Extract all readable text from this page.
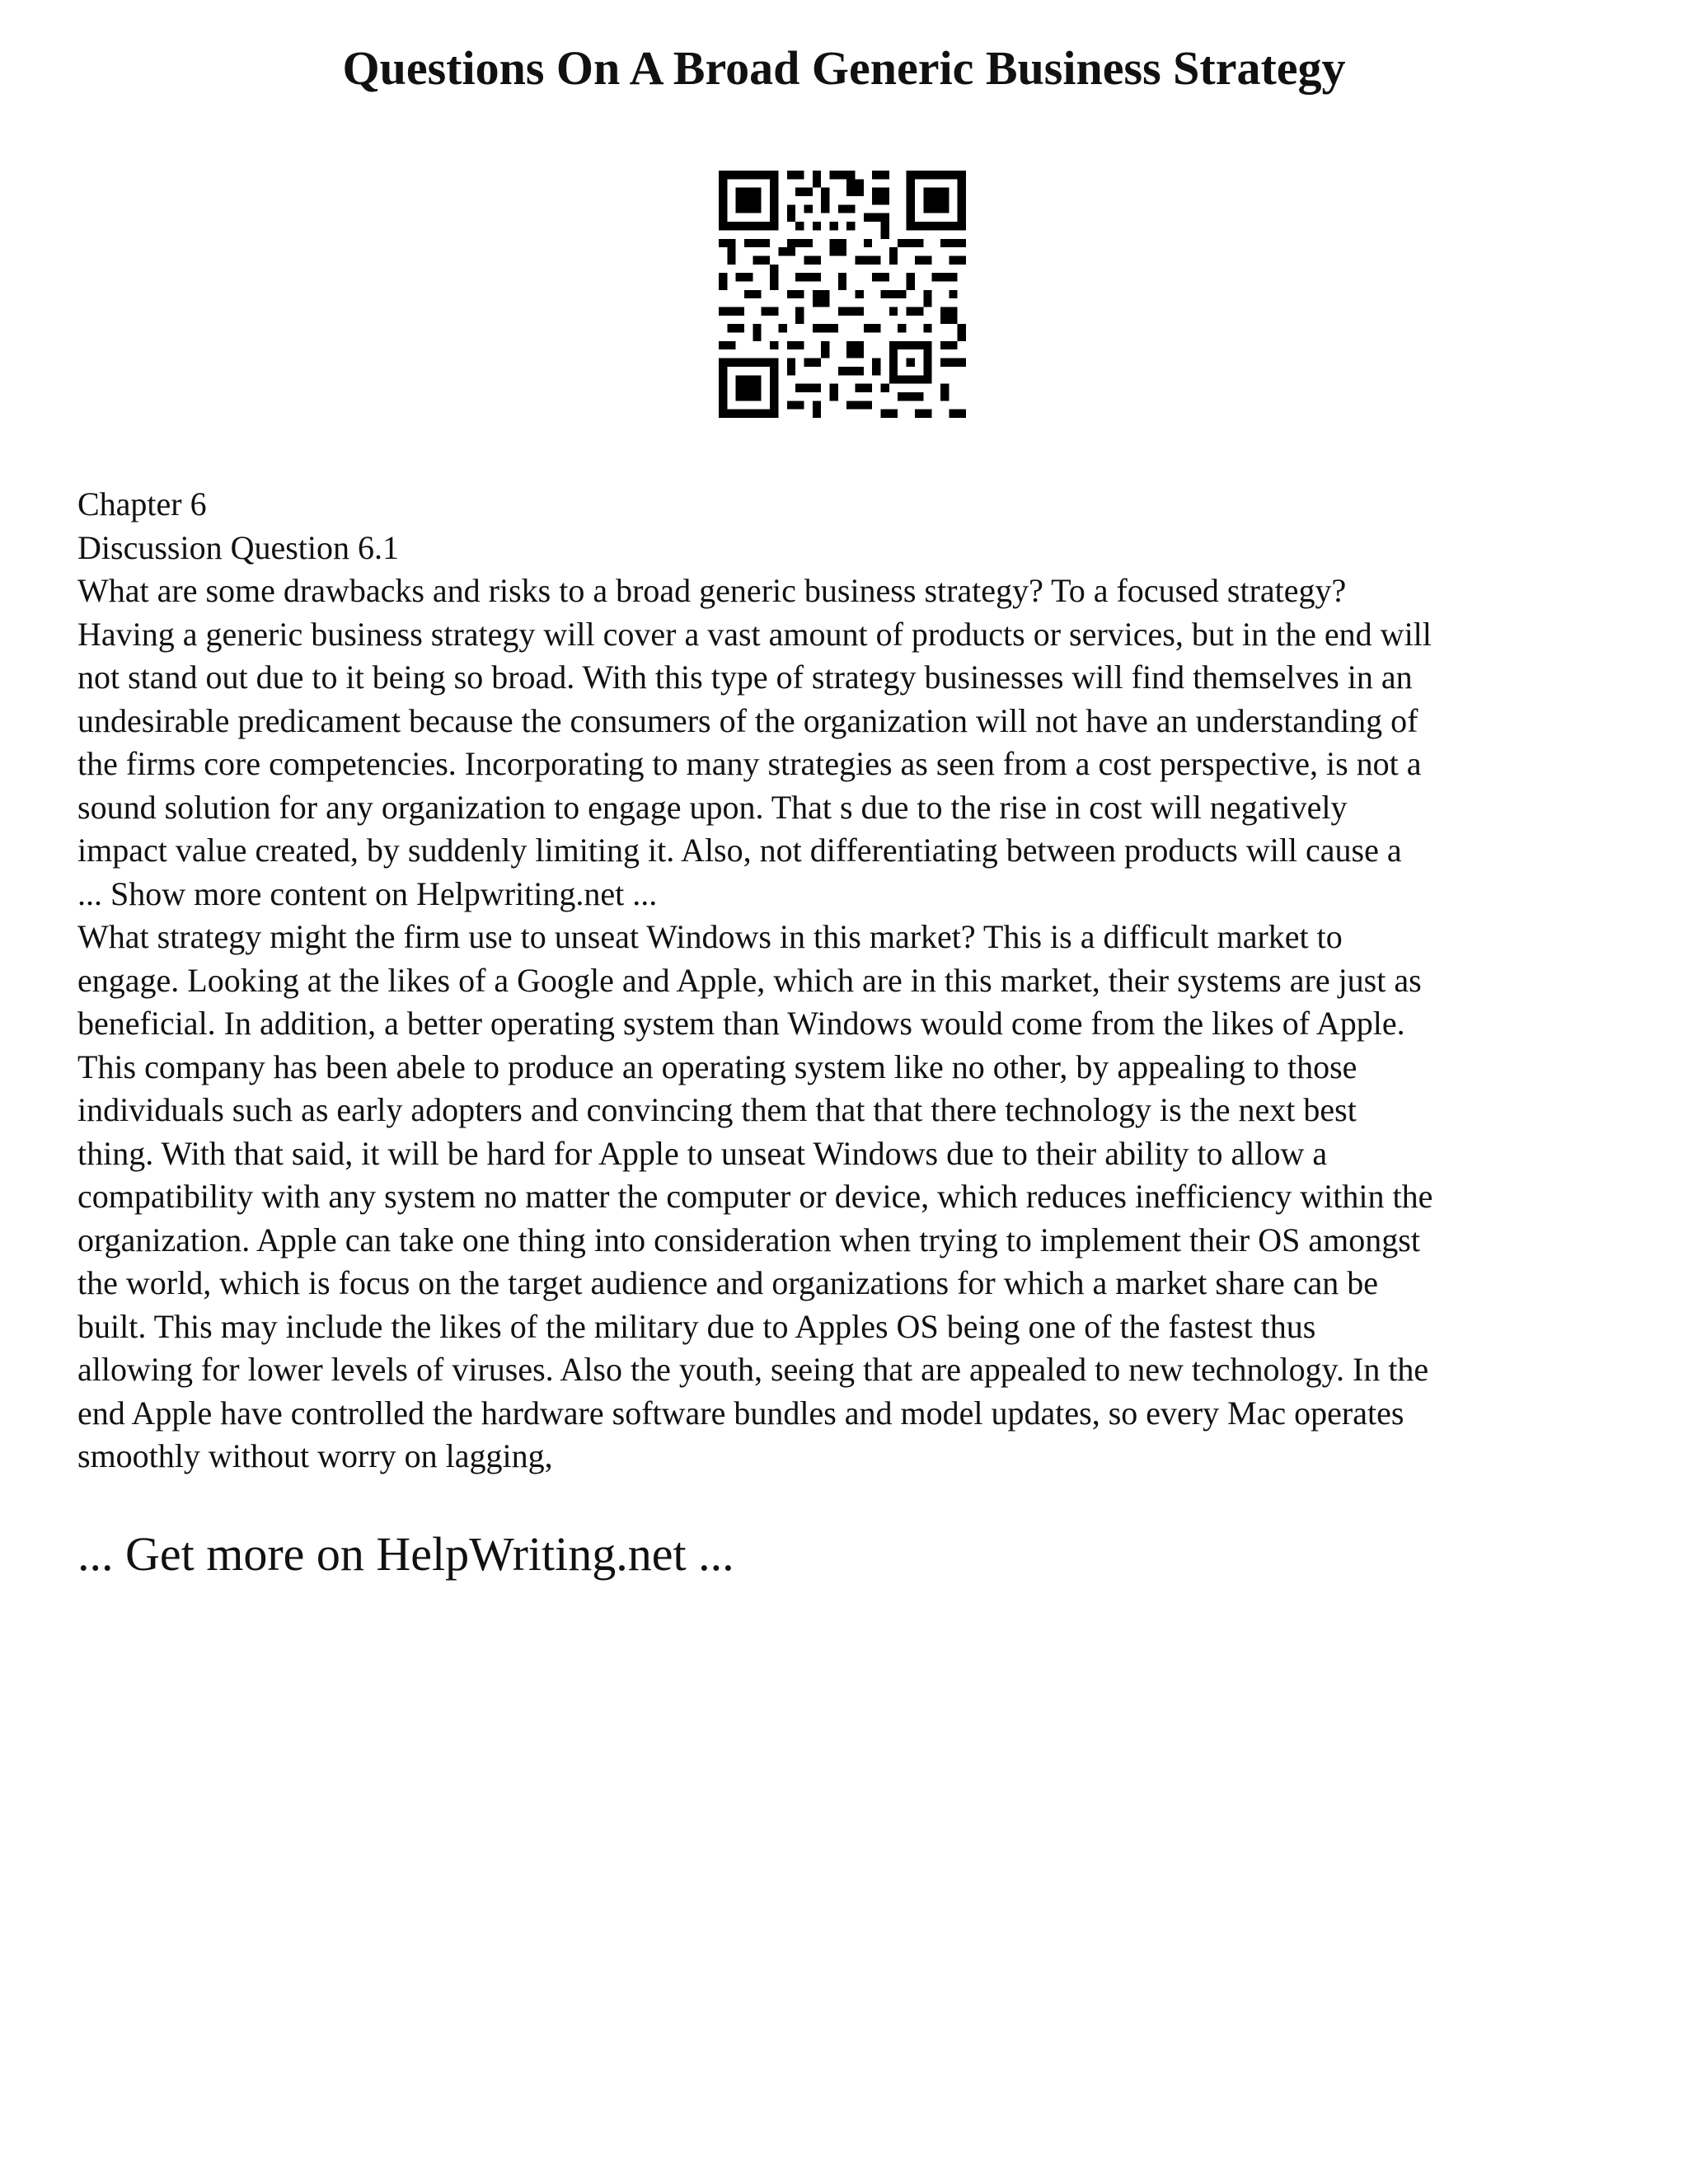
Questions On A Broad Generic Business Strategy
Chapter 6
Discussion Question 6.1
What are some drawbacks and risks to a broad generic business strategy? To a focused strategy?
Having a generic business strategy will cover a vast amount of products or services, but in the end will
not stand out due to it being so broad. With this type of strategy businesses will find themselves in an
undesirable predicament because the consumers of the organization will not have an understanding of
the firms core competencies. Incorporating to many strategies as seen from a cost perspective, is not a
sound solution for any organization to engage upon. That s due to the rise in cost will negatively
impact value created, by suddenly limiting it. Also, not differentiating between products will cause a
... Show more content on Helpwriting.net ...
What strategy might the firm use to unseat Windows in this market? This is a difficult market to
engage. Looking at the likes of a Google and Apple, which are in this market, their systems are just as
beneficial. In addition, a better operating system than Windows would come from the likes of Apple.
This company has been abele to produce an operating system like no other, by appealing to those
individuals such as early adopters and convincing them that that there technology is the next best
thing. With that said, it will be hard for Apple to unseat Windows due to their ability to allow a
compatibility with any system no matter the computer or device, which reduces inefficiency within the
organization. Apple can take one thing into consideration when trying to implement their OS amongst
the world, which is focus on the target audience and organizations for which a market share can be
built. This may include the likes of the military due to Apples OS being one of the fastest thus
allowing for lower levels of viruses. Also the youth, seeing that are appealed to new technology. In the
end Apple have controlled the hardware software bundles and model updates, so every Mac operates
smoothly without worry on lagging,
... Get more on HelpWriting.net ...
